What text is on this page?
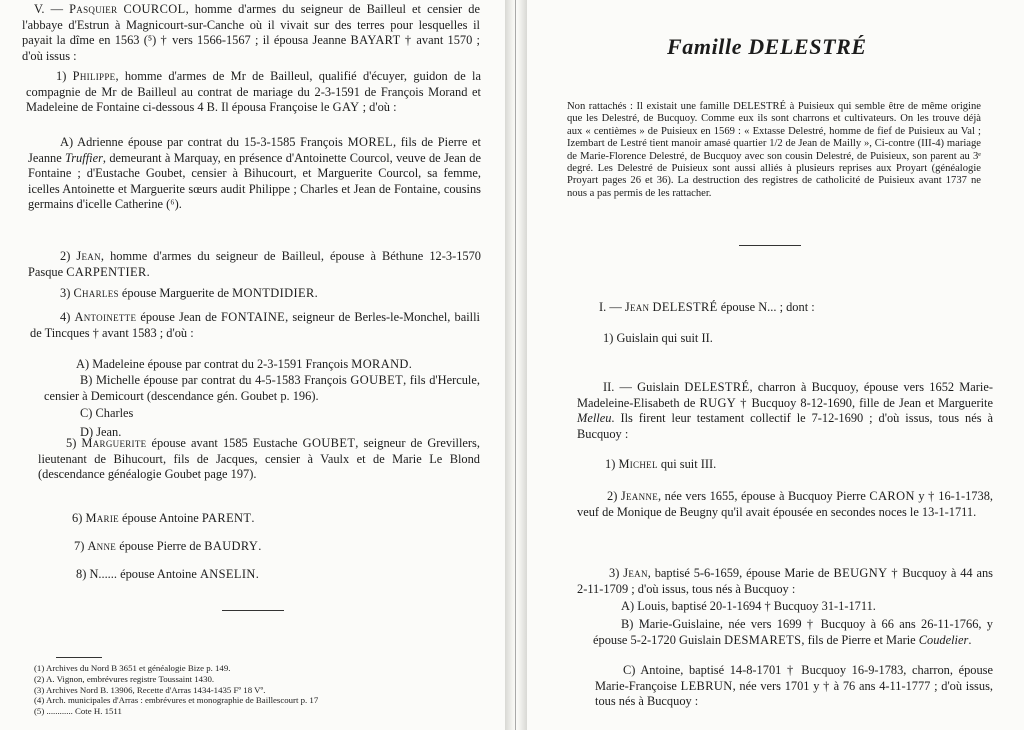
V. — Pasquier COURCOL, homme d'armes du seigneur de Bailleul et censier de l'abbaye d'Estrun à Magnicourt-sur-Canche où il vivait sur des terres pour lesquelles il payait la dîme en 1563 (⁵) † vers 1566-1567 ; il épousa Jeanne BAYART † avant 1570 ; d'où issus :

1) Philippe, homme d'armes de Mr de Bailleul, qualifié d'écuyer, guidon de la compagnie de Mr de Bailleul au contrat de mariage du 2-3-1591 de François Morand et Madeleine de Fontaine ci-dessous 4 B. Il épousa Françoise le GAY ; d'où :

A) Adrienne épouse par contrat du 15-3-1585 François MOREL, fils de Pierre et Jeanne Truffier, demeurant à Marquay, en présence d'Antoinette Courcol, veuve de Jean de Fontaine ; d'Eustache Goubet, censier à Bihucourt, et Marguerite Courcol, sa femme, icelles Antoinette et Marguerite sœurs audit Philippe ; Charles et Jean de Fontaine, cousins germains d'icelle Catherine (⁶).

2) Jean, homme d'armes du seigneur de Bailleul, épouse à Béthune 12-3-1570 Pasque CARPENTIER.

3) Charles épouse Marguerite de MONTDIDIER.

4) Antoinette épouse Jean de FONTAINE, seigneur de Berles-le-Monchel, bailli de Tincques † avant 1583 ; d'où :

A) Madeleine épouse par contrat du 2-3-1591 François MORAND.

B) Michelle épouse par contrat du 4-5-1583 François GOUBET, fils d'Hercule, censier à Demicourt (descendance gén. Goubet p. 196).

C) Charles

D) Jean.

5) Marguerite épouse avant 1585 Eustache GOUBET, seigneur de Grevillers, lieutenant de Bihucourt, fils de Jacques, censier à Vaulx et de Marie Le Blond (descendance généalogie Goubet page 197).

6) Marie épouse Antoine PARENT.

7) Anne épouse Pierre de BAUDRY.

8) N...... épouse Antoine ANSELIN.

(1) Archives du Nord B 3651 et généalogie Bize p. 149.

(2) A. Vignon, embrévures registre Toussaint 1430.

(3) Archives Nord B. 13906, Recette d'Arras 1434-1435 Fº 18 Vº.

(4) Arch. municipales d'Arras : embrévures et monographie de Baillescourt p. 17

(5) ............ Cote H. 1511

Famille DELESTRÉ

Non rattachés : Il existait une famille DELESTRÉ à Puisieux qui semble être de même origine que les Delestré, de Bucquoy. Comme eux ils sont charrons et cultivateurs. On les trouve déjà aux « centièmes » de Puisieux en 1569 : « Extasse Delestré, homme de fief de Puisieux au Val ; Izembart de Lestré tient manoir amasé quartier 1/2 de Jean de Mailly », Ci-contre (III-4) mariage de Marie-Florence Delestré, de Bucquoy avec son cousin Delestré, de Puisieux, son parent au 3ᵉ degré. Les Delestré de Puisieux sont aussi alliés à plusieurs reprises aux Proyart (généalogie Proyart pages 26 et 36). La destruction des registres de catholicité de Puisieux avant 1737 ne nous a pas permis de les rattacher.

I. — Jean DELESTRÉ épouse N... ; dont :

1) Guislain qui suit II.

II. — Guislain DELESTRÉ, charron à Bucquoy, épouse vers 1652 Marie-Madeleine-Elisabeth de RUGY † Bucquoy 8-12-1690, fille de Jean et Marguerite Melleu. Ils firent leur testament collectif le 7-12-1690 ; d'où issus, tous nés à Bucquoy :

1) Michel qui suit III.

2) Jeanne, née vers 1655, épouse à Bucquoy Pierre CARON y † 16-1-1738, veuf de Monique de Beugny qu'il avait épousée en secondes noces le 13-1-1711.

3) Jean, baptisé 5-6-1659, épouse Marie de BEUGNY † Bucquoy à 44 ans 2-11-1709 ; d'où issus, tous nés à Bucquoy :

A) Louis, baptisé 20-1-1694 † Bucquoy 31-1-1711.

B) Marie-Guislaine, née vers 1699 † Bucquoy à 66 ans 26-11-1766, y épouse 5-2-1720 Guislain DESMARETS, fils de Pierre et Marie Coudelier.

C) Antoine, baptisé 14-8-1701 † Bucquoy 16-9-1783, charron, épouse Marie-Françoise LEBRUN, née vers 1701 y † à 76 ans 4-11-1777 ; d'où issus, tous nés à Bucquoy :
